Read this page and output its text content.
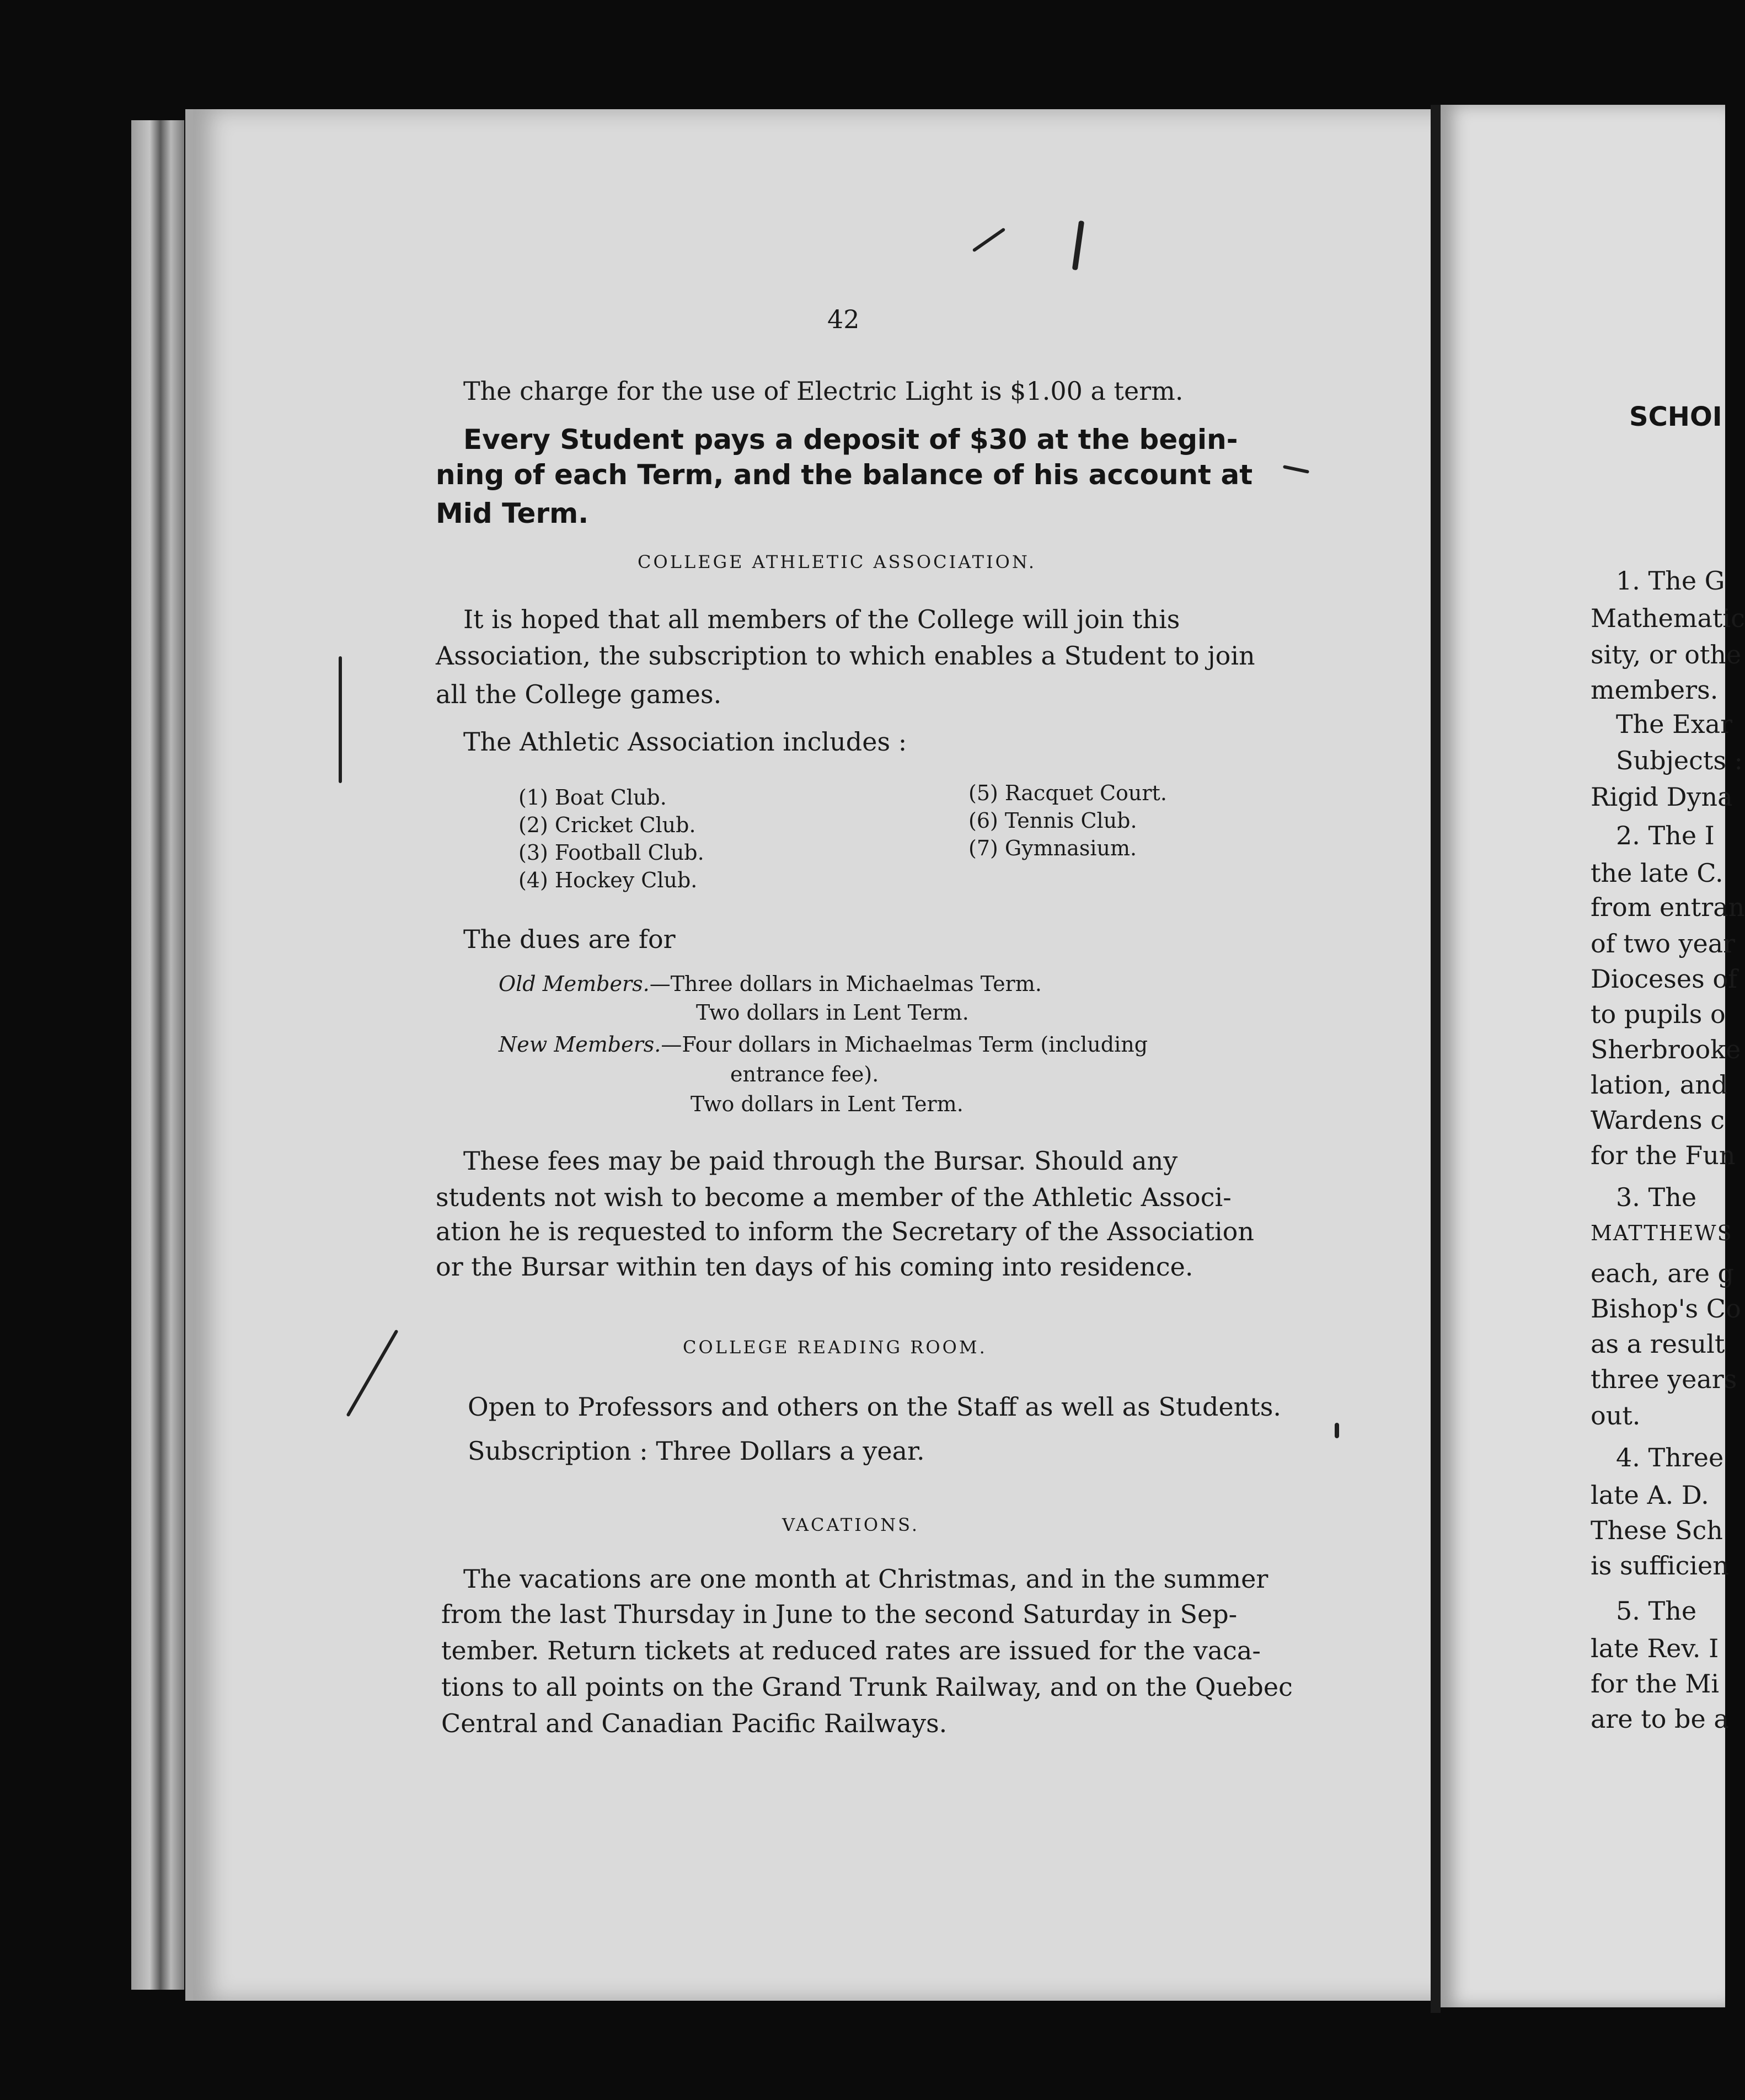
42
The charge for the use of Electric Light is $1.00 a term.
Every Student pays a deposit of $30 at the begin-
ning of each Term, and the balance of his account at
Mid Term.
COLLEGE ATHLETIC ASSOCIATION.
It is hoped that all members of the College will join this
Association, the subscription to which enables a Student to join
all the College games.
The Athletic Association includes :
(1) Boat Club.
(2) Cricket Club.
(3) Football Club.
(4) Hockey Club.
(5) Racquet Court.
(6) Tennis Club.
(7) Gymnasium.
The dues are for
Old Members.—Three dollars in Michaelmas Term.
Two dollars in Lent Term.
New Members.—Four dollars in Michaelmas Term (including
entrance fee).
Two dollars in Lent Term.
These fees may be paid through the Bursar. Should any
students not wish to become a member of the Athletic Associ-
ation he is requested to inform the Secretary of the Association
or the Bursar within ten days of his coming into residence.
COLLEGE READING ROOM.
Open to Professors and others on the Staff as well as Students.
Subscription : Three Dollars a year.
VACATIONS.
The vacations are one month at Christmas, and in the summer
from the last Thursday in June to the second Saturday in Sep-
tember. Return tickets at reduced rates are issued for the vaca-
tions to all points on the Grand Trunk Railway, and on the Quebec
Central and Canadian Pacific Railways.
SCHOI
1. The G
Mathematic
sity, or othe
members.
The Exar
Subjects :
Rigid Dyna
2. The I
the late C.
from entran
of two year
Dioceses of
to pupils o
Sherbrooke
lation, and
Wardens c
for the Fun
3. The
MATTHEWS
each, are g
Bishop's Co
as a result
three years
out.
4. Three
late A. D.
These Sch
is sufficien
5. The
late Rev. I
for the Mi
are to be a
